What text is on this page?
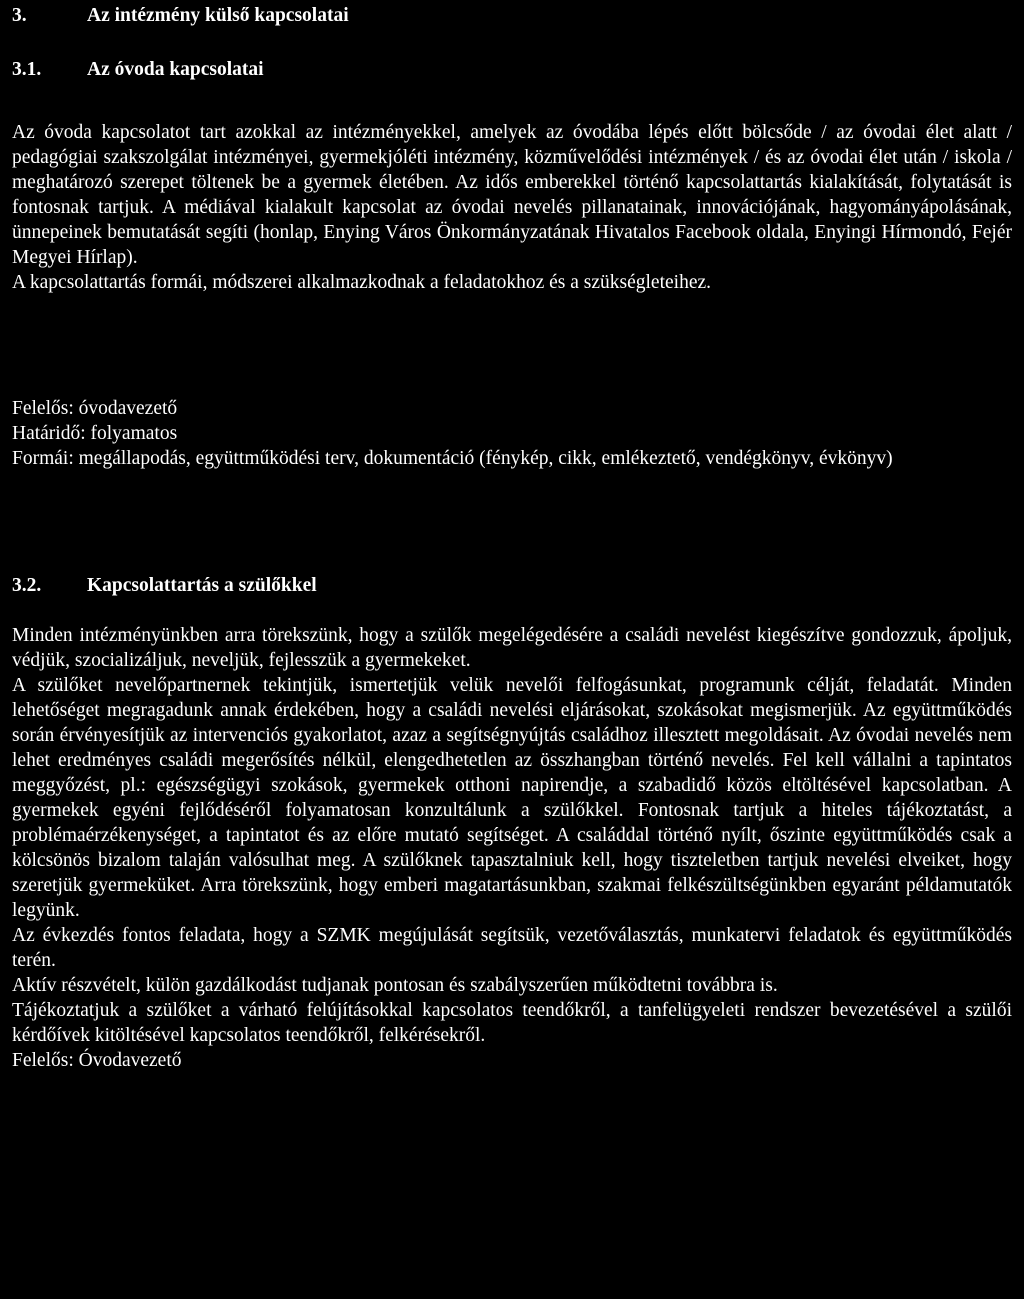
3.	Az intézmény külső kapcsolatai
3.1. Az óvoda kapcsolatai

Az óvoda kapcsolatot tart azokkal az intézményekkel, amelyek az óvodába lépés előtt bölcsőde / az óvodai élet alatt / pedagógiai szakszolgálat intézményei, gyermekjóléti intézmény, közművelődési intézmények / és az óvodai élet után / iskola / meghatározó szerepet töltenek be a gyermek életében. Az idős emberekkel történő kapcsolattartás kialakítását, folytatását is fontosnak tartjuk. A médiával kialakult kapcsolat az óvodai nevelés pillanatainak, innovációjának, hagyományápolásának, ünnepeinek bemutatását segíti (honlap, Enying Város Önkormányzatának Hivatalos Facebook oldala, Enyingi Hírmondó, Fejér Megyei Hírlap).

A kapcsolattartás formái, módszerei alkalmazkodnak a feladatokhoz és a szükségleteihez.

Felelős: óvodavezető

Határidő: folyamatos

Formái: megállapodás, együttműködési terv, dokumentáció (fénykép, cikk, emlékeztető, vendégkönyv, évkönyv)

3.2. Kapcsolattartás a szülőkkel

Minden intézményünkben arra törekszünk, hogy a szülők megelégedésére a családi nevelést kiegészítve gondozzuk, ápoljuk, védjük, szocializáljuk, neveljük, fejlesszük a gyermekeket.

A szülőket nevelőpartnernek tekintjük, ismertetjük velük nevelői felfogásunkat, programunk célját, feladatát. Minden lehetőséget megragadunk annak érdekében, hogy a családi nevelési eljárásokat, szokásokat megismerjük. Az együttműködés során érvényesítjük az intervenciós gyakorlatot, azaz a segítségnyújtás családhoz illesztett megoldásait. Az óvodai nevelés nem lehet eredményes családi megerősítés nélkül, elengedhetetlen az összhangban történő nevelés. Fel kell vállalni a tapintatos meggyőzést, pl.: egészségügyi szokások, gyermekek otthoni napirendje, a szabadidő közös eltöltésével kapcsolatban. A gyermekek egyéni fejlődéséről folyamatosan konzultálunk a szülőkkel. Fontosnak tartjuk a hiteles tájékoztatást, a problémaérzékenységet, a tapintatot és az előre mutató segítséget. A családdal történő nyílt, őszinte együttműködés csak a kölcsönös bizalom talaján valósulhat meg. A szülőknek tapasztalniuk kell, hogy tiszteletben tartjuk nevelési elveiket, hogy szeretjük gyermeküket. Arra törekszünk, hogy emberi magatartásunkban, szakmai felkészültségünkben egyaránt példamutatók legyünk.

Az évkezdés fontos feladata, hogy a SZMK megújulását segítsük, vezetőválasztás, munkatervi feladatok és együttműködés terén.

Aktív részvételt, külön gazdálkodást tudjanak pontosan és szabályszerűen működtetni továbbra is.

Tájékoztatjuk a szülőket a várható felújításokkal kapcsolatos teendőkről, a tanfelügyeleti rendszer bevezetésével a szülői kérdőívek kitöltésével kapcsolatos teendőkről, felkérésekről.

Felelős: Óvodavezető
